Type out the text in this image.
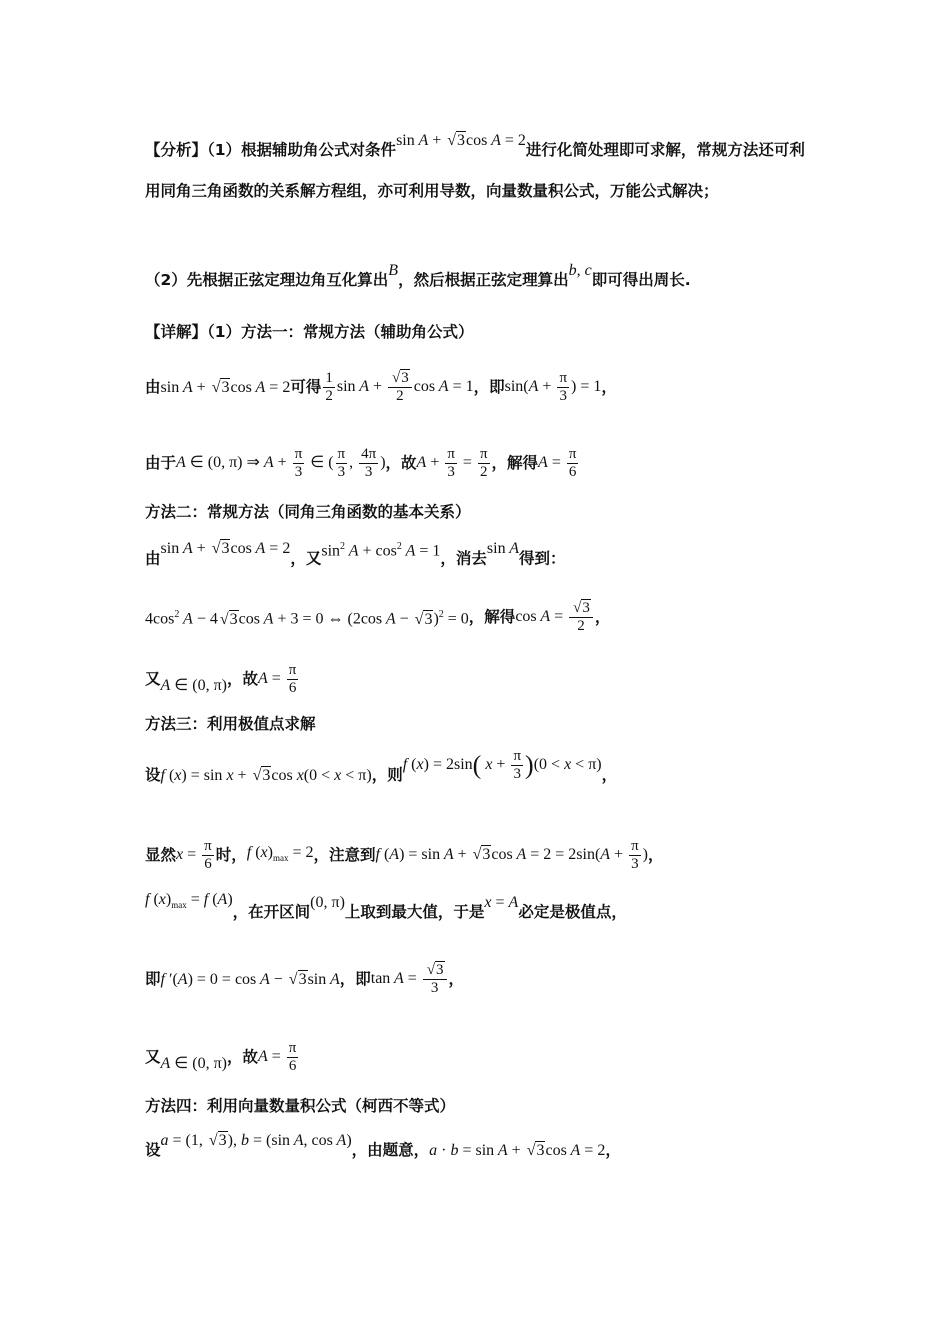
【分析】（1）根据辅助角公式对条件sin A + √3cos A = 2进行化简处理即可求解，常规方法还可利用同角三角函数的关系解方程组，亦可利用导数，向量数量积公式，万能公式解决；
（2）先根据正弦定理边角互化算出B，然后根据正弦定理算出b, c即可得出周长.
【详解】（1）方法一：常规方法（辅助角公式）
由sin A + √3cos A = 2可得 $\frac{1}{2}$ $\sin A + \frac{√3}{2}$ cos A = 1，即$\sin(A + \frac{\pi}{3}$ ) = 1，
由于A ∈ (0, π) ⇒ $A + \frac{\pi}{3}$ ∈ ( $\frac{\pi}{3}$ , $\frac{4\pi}{3}$ )，故$A + \frac{\pi}{3} = \frac{\pi}{2}$ ，解得$A = \frac{\pi}{6}$
方法二：常规方法（同角三角函数的基本关系）
由sin A + √3cos A = 2，又$\sin^2 A + \cos^2 A = 1$，消去sin A得到：
$4\cos^2$ A − 4 √3cos A + 3 = 0 ⇔ (2cos A − √3)$^2$ = 0，解得$\cos A = \frac{√3}{2}$ ，
又A ∈ (0, π)，故$A = \frac{\pi}{6}$
方法三：利用极值点求解
设f (x) = sin x + √3cos x(0 < x < π)，则f (x) = 2sin( $x + \frac{\pi}{3} )(0 < x < \pi)$，
显然$x = \frac{\pi}{6}$ 时，f $(x)_{max} = 2$，注意到f (A) = sin A + √3cos $A = 2 = 2\sin(A + \frac{\pi}{3}$ )，
f $(x)_{max} = f$ (A)，在开区间(0, π)上取到最大值，于是x = A必定是极值点，
即f ′(A) = 0 = cos A − √3sin A，即$\tan A = \frac{√3}{3}$ ，
又A ∈ (0, π)，故$A = \frac{\pi}{6}$
方法四：利用向量数量积公式（柯西不等式）
设a = (1, √3), b = (sin A, cos A)，由题意，a · b = sin A + √3cos A = 2，
